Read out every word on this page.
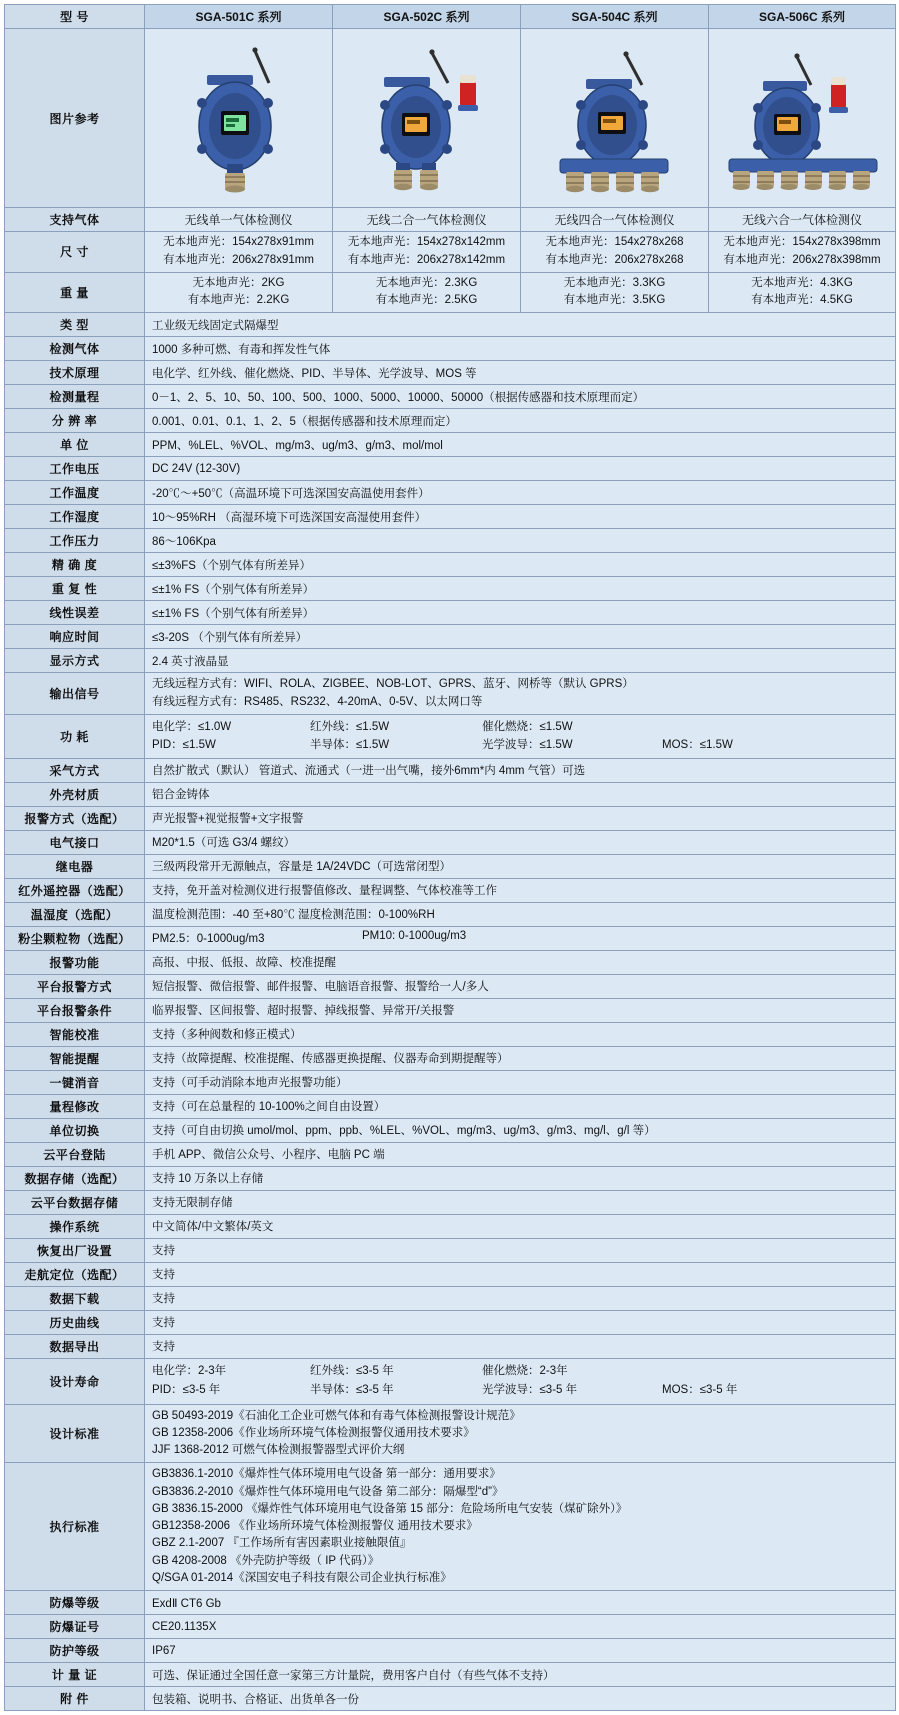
型 号	SGA-501C 系列	SGA-502C 系列	SGA-504C 系列	SGA-506C 系列
图片参考	

支持气体	无线单一气体检测仪	无线二合一气体检测仪	无线四合一气体检测仪	无线六合一气体检测仪
尺 寸	
无本地声光：154x278x91mm
有本地声光：206x278x91mm

无本地声光：154x278x142mm
有本地声光：206x278x142mm

无本地声光：154x278x268
有本地声光：206x278x268

无本地声光：154x278x398mm
有本地声光：206x278x398mm

重 量	
无本地声光：2KG
有本地声光：2.2KG

无本地声光：2.3KG
有本地声光：2.5KG

无本地声光：3.3KG
有本地声光：3.5KG

无本地声光：4.3KG
有本地声光：4.5KG

类 型	工业级无线固定式隔爆型			
检测气体	1000 多种可燃、有毒和挥发性气体			
技术原理	电化学、红外线、催化燃烧、PID、半导体、光学波导、MOS 等			
检测量程	0－1、2、5、10、50、100、500、1000、5000、10000、50000（根据传感器和技术原理而定）			
分 辨 率	0.001、0.01、0.1、1、2、5（根据传感器和技术原理而定）			
单 位	PPM、%LEL、%VOL、mg/m3、ug/m3、g/m3、mol/mol			
工作电压	DC 24V (12-30V)			
工作温度	-20℃～+50℃（高温环境下可选深国安高温使用套件）			
工作湿度	10～95%RH （高湿环境下可选深国安高湿使用套件）			
工作压力	86～106Kpa			
精 确 度	≤±3%FS（个别气体有所差异）			
重 复 性	≤±1% FS（个别气体有所差异）			
线性误差	≤±1% FS（个别气体有所差异）			
响应时间	≤3-20S （个别气体有所差异）			
显示方式	2.4 英寸液晶显			
输出信号	无线远程方式有：WIFI、ROLA、ZIGBEE、NOB-LOT、GPRS、蓝牙、网桥等（默认 GPRS）
有线远程方式有：RS485、RS232、4-20mA、0-5V、以太网口等			

功 耗	
电化学：≤1.0W	红外线：≤1.5W	催化燃烧：≤1.5W
PID：≤1.5W	半导体：≤1.5W	光学波导：≤1.5W	MOS：≤1.5W

采气方式	自然扩散式（默认） 管道式、流通式（一进一出气嘴，接外6mm*内 4mm 气管）可选			
外壳材质	铝合金铸体			
报警方式（选配）	声光报警+视觉报警+文字报警			
电气接口	M20*1.5（可选 G3/4 螺纹）			
继电器	三级两段常开无源触点，容量是 1A/24VDC（可选常闭型）			
红外遥控器（选配）	支持，免开盖对检测仪进行报警值修改、量程调整、气体校准等工作			
温湿度（选配）	温度检测范围：-40 至+80℃ 湿度检测范围：0-100%RH			
粉尘颗粒物（选配）	PM2.5：0-1000ug/m3 PM10: 0-1000ug/m3			

报警功能	高报、中报、低报、故障、校准提醒			
平台报警方式	短信报警、微信报警、邮件报警、电脑语音报警、报警给一人/多人			
平台报警条件	临界报警、区间报警、超时报警、掉线报警、异常开/关报警			
智能校准	支持（多种阀数和修正模式）			
智能提醒	支持（故障提醒、校准提醒、传感器更换提醒、仪器寿命到期提醒等）			
一键消音	支持（可手动消除本地声光报警功能）			
量程修改	支持（可在总量程的 10-100%之间自由设置）			
单位切换	支持（可自由切换 umol/mol、ppm、ppb、%LEL、%VOL、mg/m3、ug/m3、g/m3、mg/l、g/l 等）			
云平台登陆	手机 APP、微信公众号、小程序、电脑 PC 端			
数据存储（选配）	支持 10 万条以上存储			
云平台数据存储	支持无限制存储			
操作系统	中文简体/中文繁体/英文			
恢复出厂设置	支持			
走航定位（选配）	支持			
数据下载	支持			
历史曲线	支持			
数据导出	支持			
设计寿命	
电化学：2-3年	红外线：≤3-5 年	催化燃烧：2-3年
PID：≤3-5 年	半导体：≤3-5 年	光学波导：≤3-5 年	MOS：≤3-5 年

设计标准	GB 50493-2019《石油化工企业可燃气体和有毒气体检测报警设计规范》
GB 12358-2006《作业场所环境气体检测报警仪通用技术要求》
JJF 1368-2012 可燃气体检测报警器型式评价大纲			

执行标准	
GB3836.1-2010《爆炸性气体环境用电气设备 第一部分：通用要求》
GB3836.2-2010《爆炸性气体环境用电气设备 第二部分：隔爆型“d”》
GB 3836.15-2000 《爆炸性气体环境用电气设备第 15 部分：危险场所电气安装（煤矿除外）》
GB12358-2006 《作业场所环境气体检测报警仪 通用技术要求》
GBZ 2.1-2007 『工作场所有害因素职业接触限值』
GB 4208-2008 《外壳防护等级（ IP 代码）》
Q/SGA 01-2014《深国安电子科技有限公司企业执行标准》

防爆等级	ExdⅡ CT6 Gb			
防爆证号	CE20.1135X			
防护等级	IP67			
计 量 证	可选、保证通过全国任意一家第三方计量院，费用客户自付（有些气体不支持）			
附 件	包装箱、说明书、合格证、出货单各一份			
